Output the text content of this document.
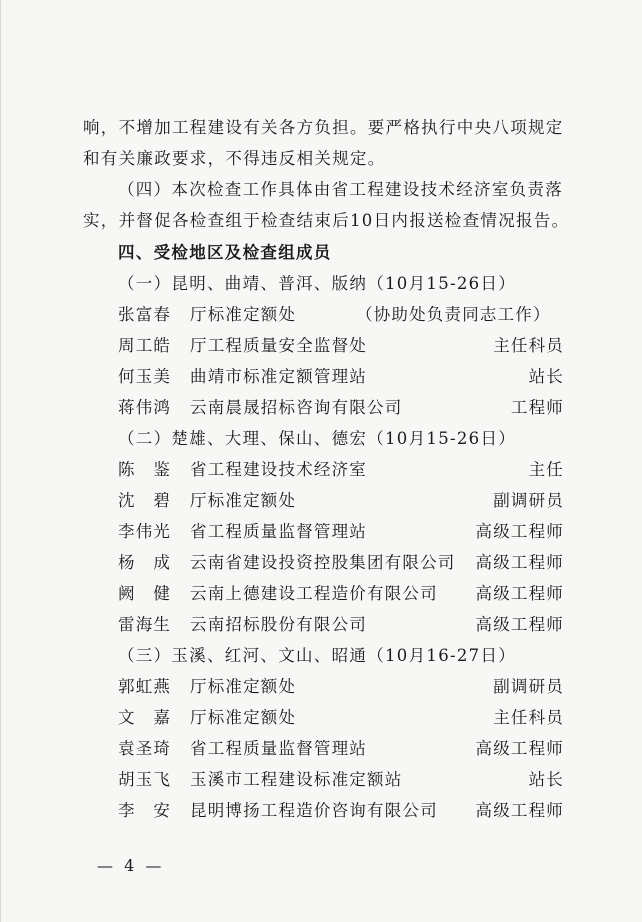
响，不增加工程建设有关各方负担。要严格执行中央八项规定
和有关廉政要求，不得违反相关规定。
（四）本次检查工作具体由省工程建设技术经济室负责落
实，并督促各检查组于检查结束后10日内报送检查情况报告。
四、受检地区及检查组成员
（一）昆明、曲靖、普洱、版纳（10月15-26日）
张富春 厅标准定额处	（协助处负责同志工作）
周工皓 厅工程质量安全监督处	主任科员
何玉美 曲靖市标准定额管理站	站长
蒋伟鸿 云南晨晟招标咨询有限公司	工程师
（二）楚雄、大理、保山、德宏（10月15-26日）
陈　鉴 省工程建设技术经济室	主任
沈　碧 厅标准定额处	副调研员
李伟光 省工程质量监督管理站	高级工程师
杨　成 云南省建设投资控股集团有限公司 高级工程师
阙　健 云南上德建设工程造价有限公司 高级工程师
雷海生 云南招标股份有限公司	高级工程师
（三）玉溪、红河、文山、昭通（10月16-27日）
郭虹燕 厅标准定额处	副调研员
文　嘉 厅标准定额处	主任科员
袁圣琦 省工程质量监督管理站	高级工程师
胡玉飞 玉溪市工程建设标准定额站	站长
李　安 昆明博扬工程造价咨询有限公司 高级工程师
— 4 —
